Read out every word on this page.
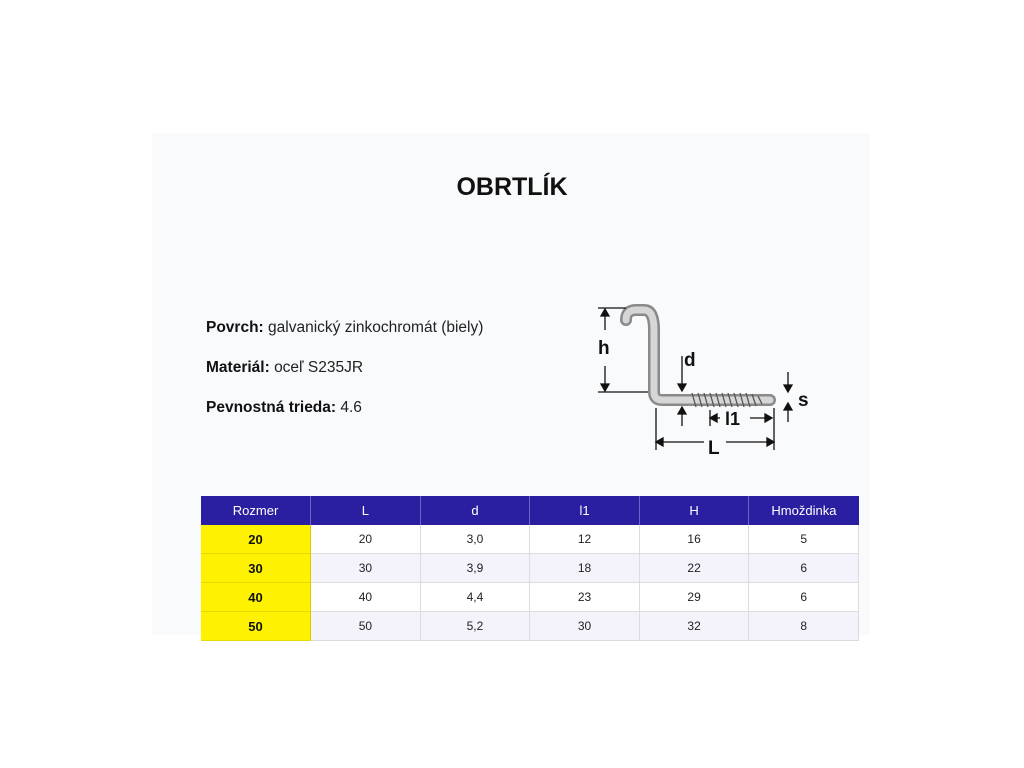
OBRTLÍK
Povrch: galvanický zinkochromát (biely)
Materiál: oceľ S235JR
Pevnostná trieda: 4.6
h
d
s
l1
L
Rozmer	L	d	l1	H	Hmoždinka
20	20	3,0	12	16	5
30	30	3,9	18	22	6
40	40	4,4	23	29	6
50	50	5,2	30	32	8
